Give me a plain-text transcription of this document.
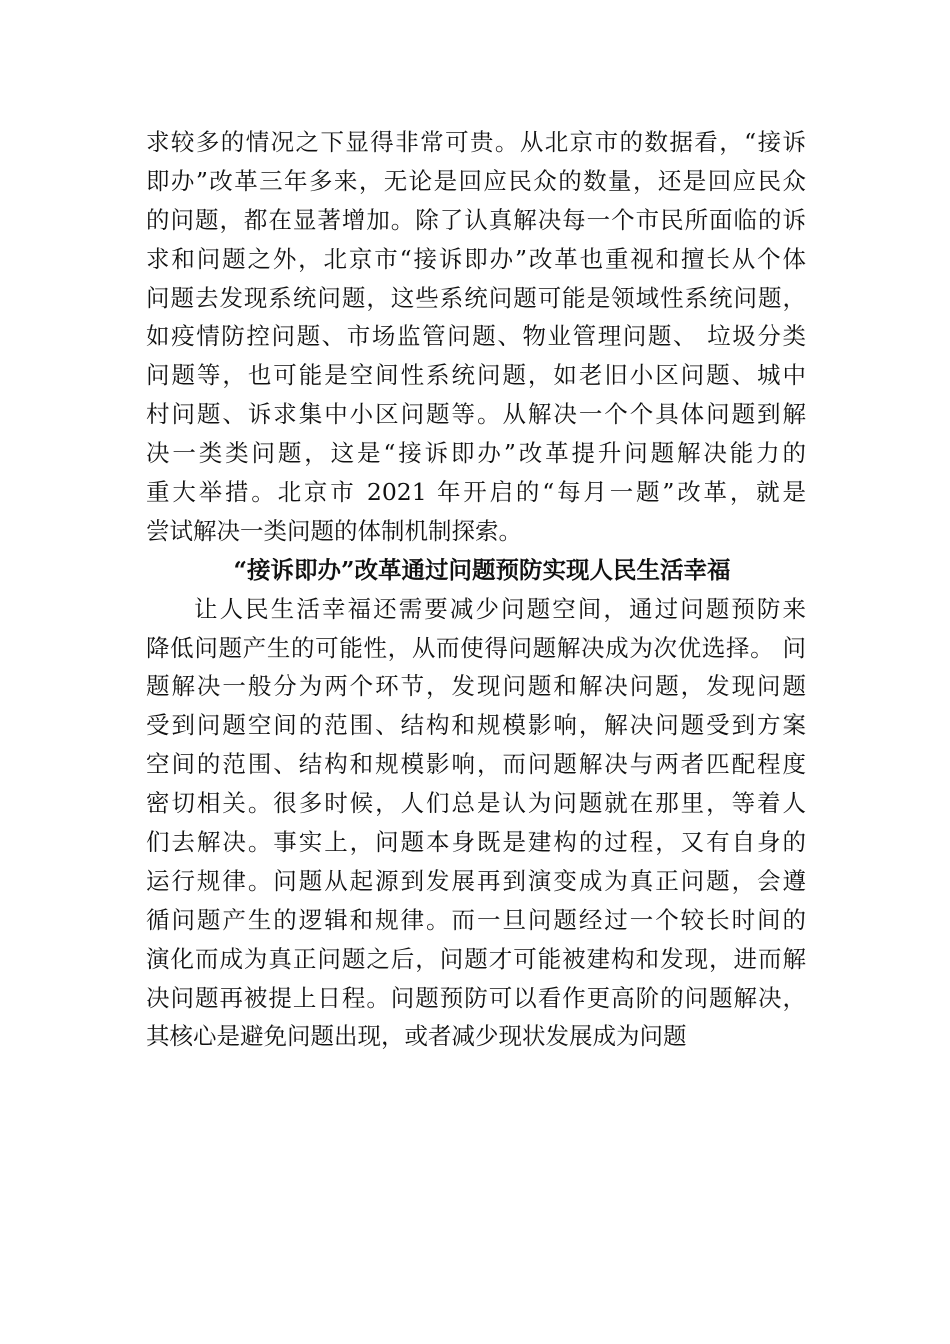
求较多的情况之下显得非常可贵。从北京市的数据看，“接诉
即办”改革三年多来，无论是回应民众的数量，还是回应民众
的问题，都在显著增加。除了认真解决每一个市民所面临的诉
求和问题之外，北京市“接诉即办”改革也重视和擅长从个体
问题去发现系统问题，这些系统问题可能是领域性系统问题，
如疫情防控问题、市场监管问题、物业管理问题、 垃圾分类
问题等，也可能是空间性系统问题，如老旧小区问题、城中
村问题、诉求集中小区问题等。从解决一个个具体问题到解
决一类类问题，这是“接诉即办”改革提升问题解决能力的
重大举措。北京市 2021 年开启的“每月一题”改革，就是
尝试解决一类问题的体制机制探索。
“接诉即办”改革通过问题预防实现人民生活幸福
让人民生活幸福还需要减少问题空间，通过问题预防来
降低问题产生的可能性，从而使得问题解决成为次优选择。 问
题解决一般分为两个环节，发现问题和解决问题，发现问题
受到问题空间的范围、结构和规模影响，解决问题受到方案
空间的范围、结构和规模影响，而问题解决与两者匹配程度
密切相关。很多时候，人们总是认为问题就在那里，等着人
们去解决。事实上，问题本身既是建构的过程，又有自身的
运行规律。问题从起源到发展再到演变成为真正问题，会遵
循问题产生的逻辑和规律。而一旦问题经过一个较长时间的
演化而成为真正问题之后，问题才可能被建构和发现，进而解
决问题再被提上日程。问题预防可以看作更高阶的问题解决，
其核心是避免问题出现，或者减少现状发展成为问题
